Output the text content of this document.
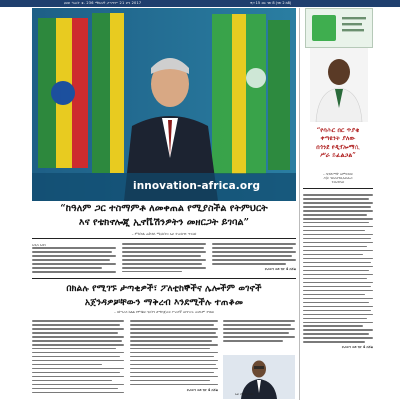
ፀሀይ ዓመት ቁ. 236 ማክሰኞ ታኅሣሥ 21 ቀን 2017	ዋጋ 15 ብር ገጽ 8 (ገጽ 2 ከ8)
innovation-africa.org
“ከዓለም ጋር ተስማምቶ ለመቀጠል የሚያስችል የትምህርት
እና የቴክኖሎጂ ኢኖቬሽንዎትን መዘርጋት ይገባል”
– ምክትል ጠቅላይ ሚኒስትር አቶ ተመስገን ጥሩነህ
አዲስ አበባ
ቀሪውን ወደ ገጽ 4 ዞሯል
በክልሉ የሚገኙ ታጣቂዎች፣ ፖለቲከኞችና ሌሎችም ወገኖች
አጀንዳዎቻቸውን ማቅረብ እንደሚችሉ ተጠቆመ
– በትግራይ ክልል የምክክር ሂደትን ለማስጀመር ሥራዎች እየተሠሩ መሆኑም ተገለጸ
ቀሪውን ወደ ገጽ 4 ዞሯል
አቶ ተበዝ ታሪኩ
“የባሕር በር ጥያቄ
ቀጣዩንት ያለው
በጎንደ የዲፕሎማሲ
ሥራ ይፈልጋል”
– ዲፕሎማት አምባሳደር
ዶ/ር ገብረእግዚአብሔር
ገብረየሱስ
ቀሪውን ወደ ገጽ 4 ዞሯል
